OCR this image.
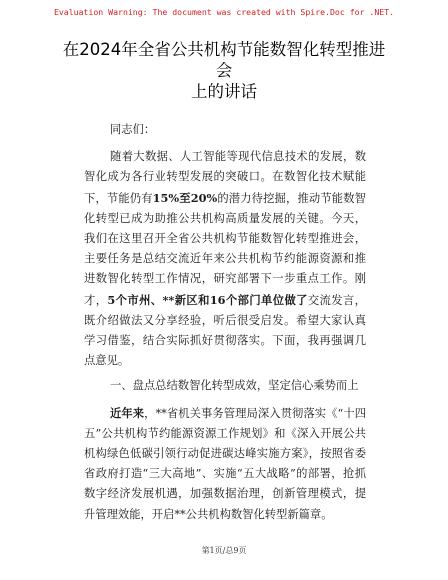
Evaluation Warning: The document was created with Spire.Doc for .NET.
在2024年全省公共机构节能数智化转型推进会
上的讲话

同志们：

随着大数据、人工智能等现代信息技术的发展，数智化成为各行业转型发展的突破口。在数智化技术赋能下，节能仍有15%至20%的潜力待挖掘，推动节能数智化转型已成为助推公共机构高质量发展的关键。今天，我们在这里召开全省公共机构节能数智化转型推进会，主要任务是总结交流近年来公共机构节约能源资源和推进数智化转型工作情况，研究部署下一步重点工作。刚才，5个市州、**新区和16个部门单位做了交流发言，既介绍做法又分享经验，听后很受启发。希望大家认真学习借鉴，结合实际抓好贯彻落实。下面，我再强调几点意见。

一、盘点总结数智化转型成效，坚定信心乘势而上

近年来，**省机关事务管理局深入贯彻落实《“十四五”公共机构节约能源资源工作规划》和《深入开展公共机构绿色低碳引领行动促进碳达峰实施方案》，按照省委省政府打造“三大高地”、实施“五大战略”的部署，抢抓数字经济发展机遇，加强数据治理，创新管理模式，提升管理效能，开启**公共机构数智化转型新篇章。

第1页/总9页
